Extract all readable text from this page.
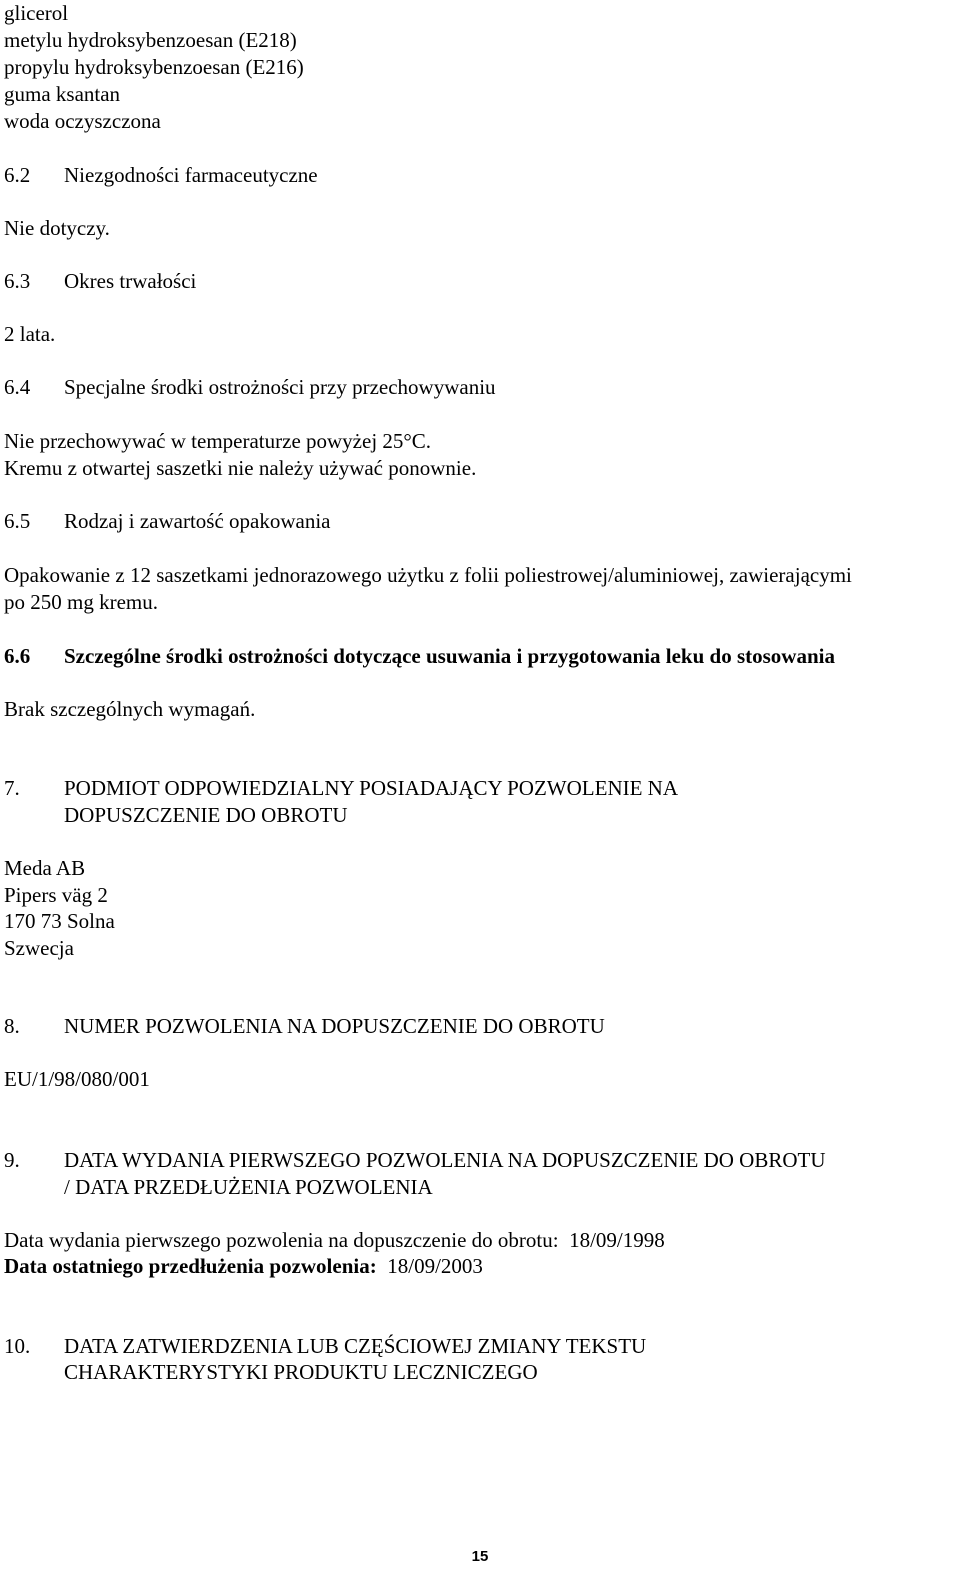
glicerol
metylu hydroksybenzoesan (E218)
propylu hydroksybenzoesan (E216)
guma ksantan
woda oczyszczona
6.2 Niezgodności farmaceutyczne
Nie dotyczy.
6.3 Okres trwałości
2 lata.
6.4 Specjalne środki ostrożności przy przechowywaniu
Nie przechowywać w temperaturze powyżej 25°C.
Kremu z otwartej saszetki nie należy używać ponownie.
6.5 Rodzaj i zawartość opakowania
Opakowanie z 12 saszetkami jednorazowego użytku z folii poliestrowej/aluminiowej, zawierającymi
po 250 mg kremu.
6.6 Szczególne środki ostrożności dotyczące usuwania i przygotowania leku do stosowania
Brak szczególnych wymagań.
7. PODMIOT ODPOWIEDZIALNY POSIADAJĄCY POZWOLENIE NA
DOPUSZCZENIE DO OBROTU
Meda AB
Pipers väg 2
170 73 Solna
Szwecja
8. NUMER POZWOLENIA NA DOPUSZCZENIE DO OBROTU
EU/1/98/080/001
9. DATA WYDANIA PIERWSZEGO POZWOLENIA NA DOPUSZCZENIE DO OBROTU
/ DATA PRZEDŁUŻENIA POZWOLENIA
Data wydania pierwszego pozwolenia na dopuszczenie do obrotu: 18/09/1998
Data ostatniego przedłużenia pozwolenia: 18/09/2003
10. DATA ZATWIERDZENIA LUB CZĘŚCIOWEJ ZMIANY TEKSTU
CHARAKTERYSTYKI PRODUKTU LECZNICZEGO
15
